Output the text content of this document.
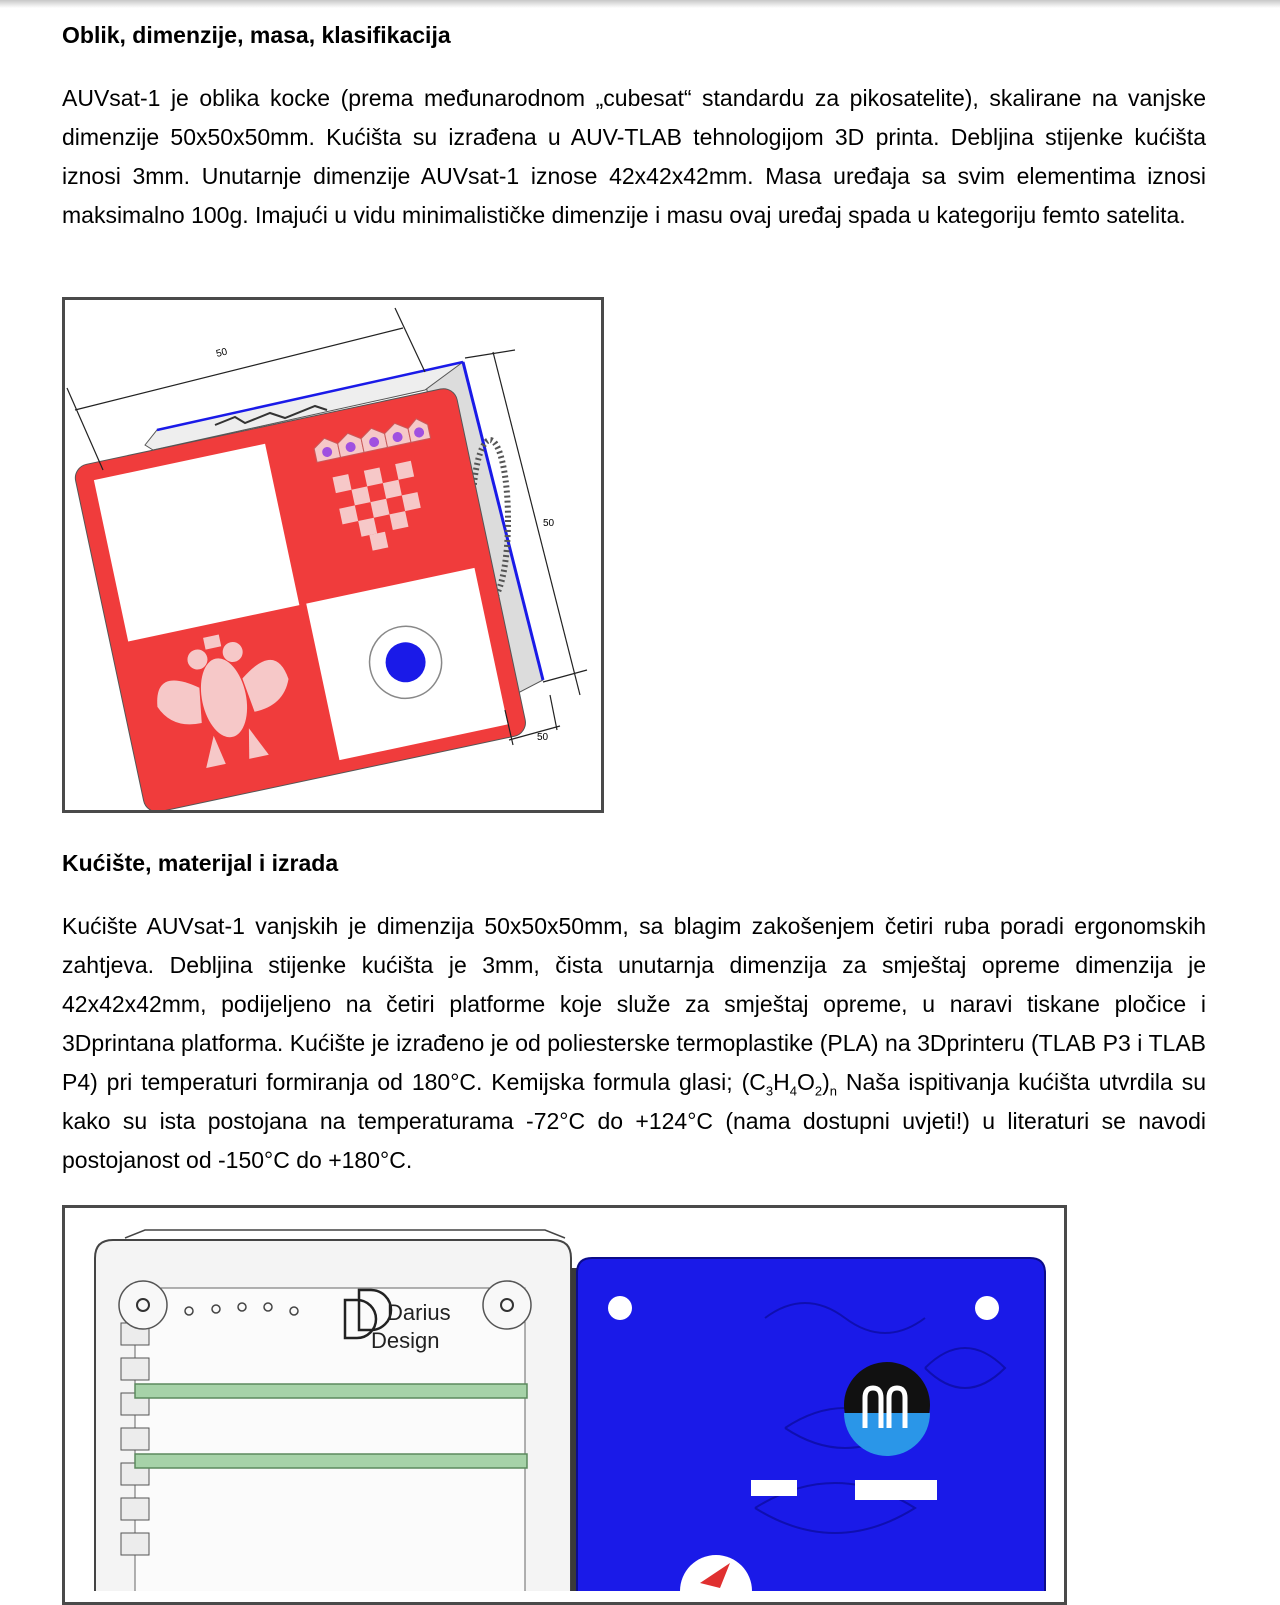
Oblik, dimenzije, masa, klasifikacija

AUVsat-1 je oblika kocke (prema međunarodnom „cubesat“ standardu za pikosatelite), skalirane na vanjske dimenzije 50x50x50mm. Kućišta su izrađena u AUV-TLAB tehnologijom 3D printa. Debljina stijenke kućišta iznosi 3mm. Unutarnje dimenzije AUVsat-1 iznose 42x42x42mm. Masa uređaja sa svim elementima iznosi maksimalno 100g. Imajući u vidu minimalističke dimenzije i masu ovaj uređaj spada u kategoriju femto satelita.

50
50
50
Kućište, materijal i izrada

Kućište AUVsat-1 vanjskih je dimenzija 50x50x50mm, sa blagim zakošenjem četiri ruba poradi ergonomskih zahtjeva. Debljina stijenke kućišta je 3mm, čista unutarnja dimenzija za smještaj opreme dimenzija je 42x42x42mm, podijeljeno na četiri platforme koje služe za smještaj opreme, u naravi tiskane pločice i 3Dprintana platforma. Kućište je izrađeno je od poliesterske termoplastike (PLA) na 3Dprinteru (TLAB P3 i TLAB P4) pri temperaturi formiranja od 180°C. Kemijska formula glasi; $(C_3H_4O_2)_n$ Naša ispitivanja kućišta utvrdila su kako su ista postojana na temperaturama -72°C do +124°C (nama dostupni uvjeti!) u literaturi se navodi postojanost od -150°C do +180°C.

Darius
Design
